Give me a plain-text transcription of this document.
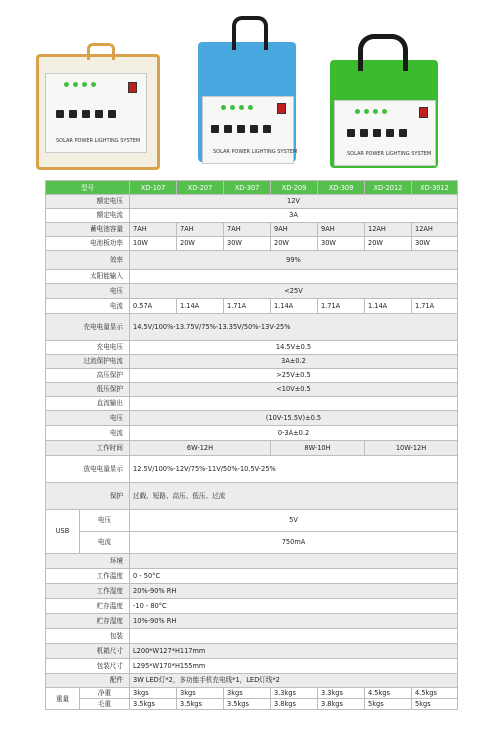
SOLAR POWER LIGHTING SYSTEM
SOLAR POWER LIGHTING SYSTEM	SOLAR POWER LIGHTING SYSTEM
型号		XD-107	XD-207	XD-307	XD-209	XD-309	XD-2012	XD-3012
额定电压		12V						
额定电流		3A						
蓄电池容量		7AH	7AH	7AH	9AH	9AH	12AH	12AH
电池板功率		10W	20W	30W	20W	30W	20W	30W
效率		99%						
太阳能输入								
电压		<25V						
电流		0.57A	1.14A	1.71A	1.14A	1.71A	1.14A	1.71A
充电电量显示		14.5V/100%-13.75V/75%-13.35V/50%-13V-25%						
充电电压		14.5V±0.5						
过流保护电流		3A±0.2						
高压保护		>25V±0.5						
低压保护		<10V±0.5						
直流输出								
电压		(10V-15.5V)±0.5						
电流		0-3A±0.2						
工作时间		6W-12H			8W-10H		10W-12H	
放电电量显示		12.5V/100%-12V/75%-11V/50%-10.5V-25%						
保护		过载、短路、高压、低压、过流						
USB	电压	5V						
	电流	750mA						
环境								
工作温度		0 - 50°C						
工作湿度		20%-90% RH						
贮存温度		-10 - 80°C						
贮存湿度		10%-90% RH						
包装								
机箱尺寸		L200*W127*H117mm						
包装尺寸		L295*W170*H155mm						
配件		3W LED灯*2，多功能手机充电线*1，LED灯线*2						
重量	净重	3kgs	3kgs	3kgs	3.3kgs	3.3kgs	4.5kgs	4.5kgs
	毛重	3.5kgs	3.5kgs	3.5kgs	3.8kgs	3.8kgs	5kgs	5kgs
